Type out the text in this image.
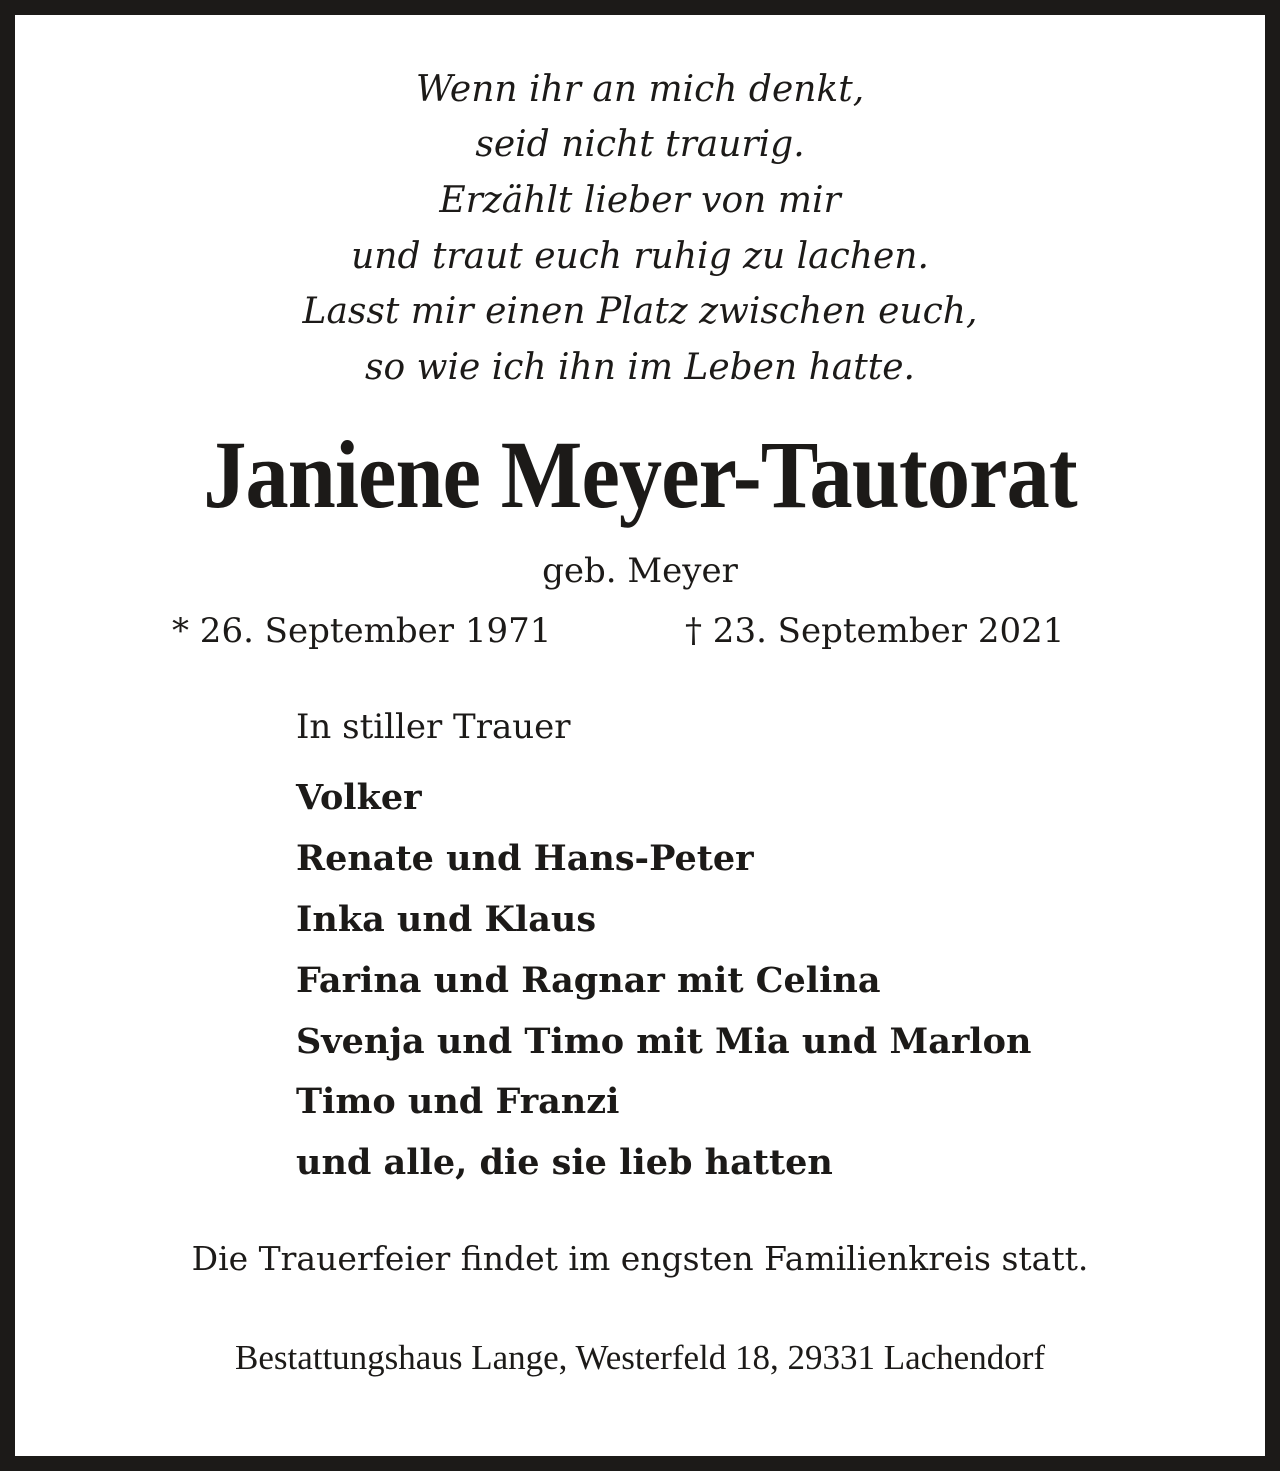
Wenn ihr an mich denkt,
seid nicht traurig.
Erzählt lieber von mir
und traut euch ruhig zu lachen.
Lasst mir einen Platz zwischen euch,
so wie ich ihn im Leben hatte.
Janiene Meyer-Tautorat
geb. Meyer
* 26. September 1971	† 23. September 2021
In stiller Trauer
Volker
Renate und Hans-Peter
Inka und Klaus
Farina und Ragnar mit Celina
Svenja und Timo mit Mia und Marlon
Timo und Franzi
und alle, die sie lieb hatten
Die Trauerfeier findet im engsten Familienkreis statt.
Bestattungshaus Lange, Westerfeld 18, 29331 Lachendorf
